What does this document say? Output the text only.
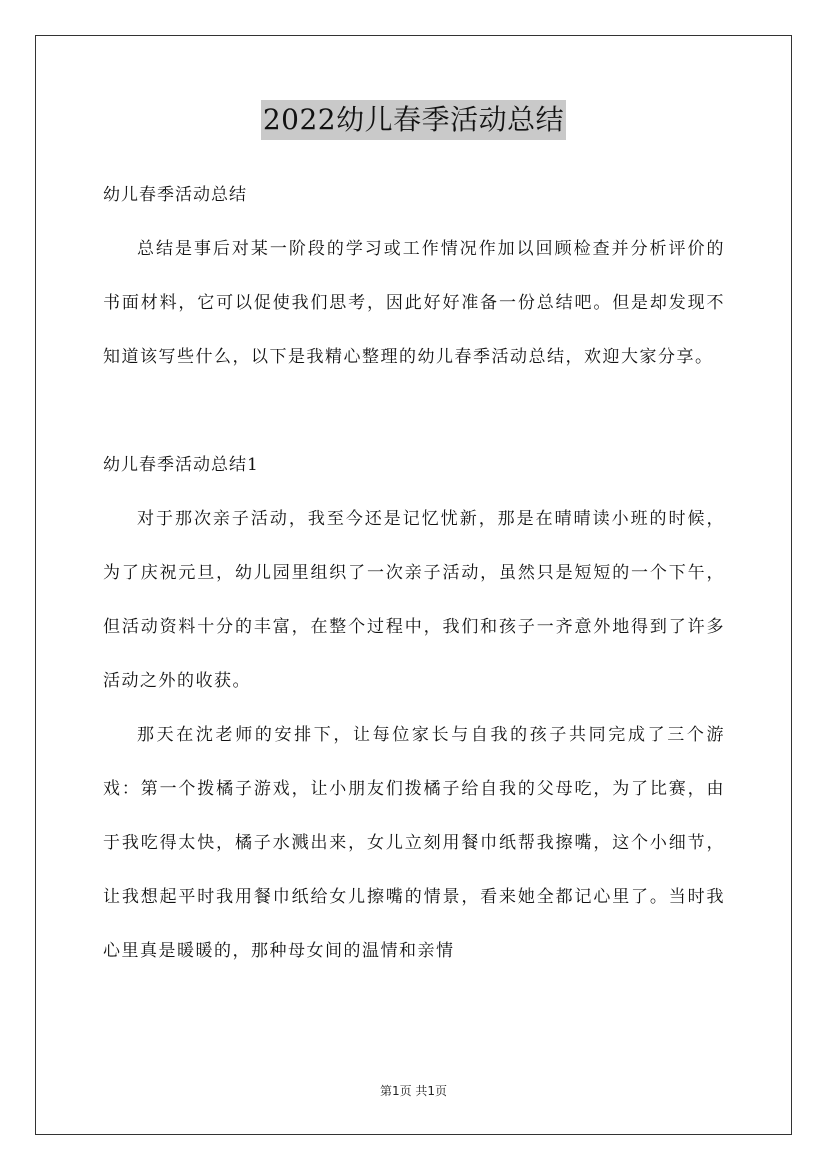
2022幼儿春季活动总结

幼儿春季活动总结

总结是事后对某一阶段的学习或工作情况作加以回顾检查并分析评价的书面材料，它可以促使我们思考，因此好好准备一份总结吧。但是却发现不知道该写些什么，以下是我精心整理的幼儿春季活动总结，欢迎大家分享。

幼儿春季活动总结1

对于那次亲子活动，我至今还是记忆忧新，那是在晴晴读小班的时候，为了庆祝元旦，幼儿园里组织了一次亲子活动，虽然只是短短的一个下午，但活动资料十分的丰富，在整个过程中，我们和孩子一齐意外地得到了许多活动之外的收获。

那天在沈老师的安排下，让每位家长与自我的孩子共同完成了三个游戏：第一个拨橘子游戏，让小朋友们拨橘子给自我的父母吃，为了比赛，由于我吃得太快，橘子水溅出来，女儿立刻用餐巾纸帮我擦嘴，这个小细节，让我想起平时我用餐巾纸给女儿擦嘴的情景，看来她全都记心里了。当时我心里真是暖暖的，那种母女间的温情和亲情

第1页 共1页
